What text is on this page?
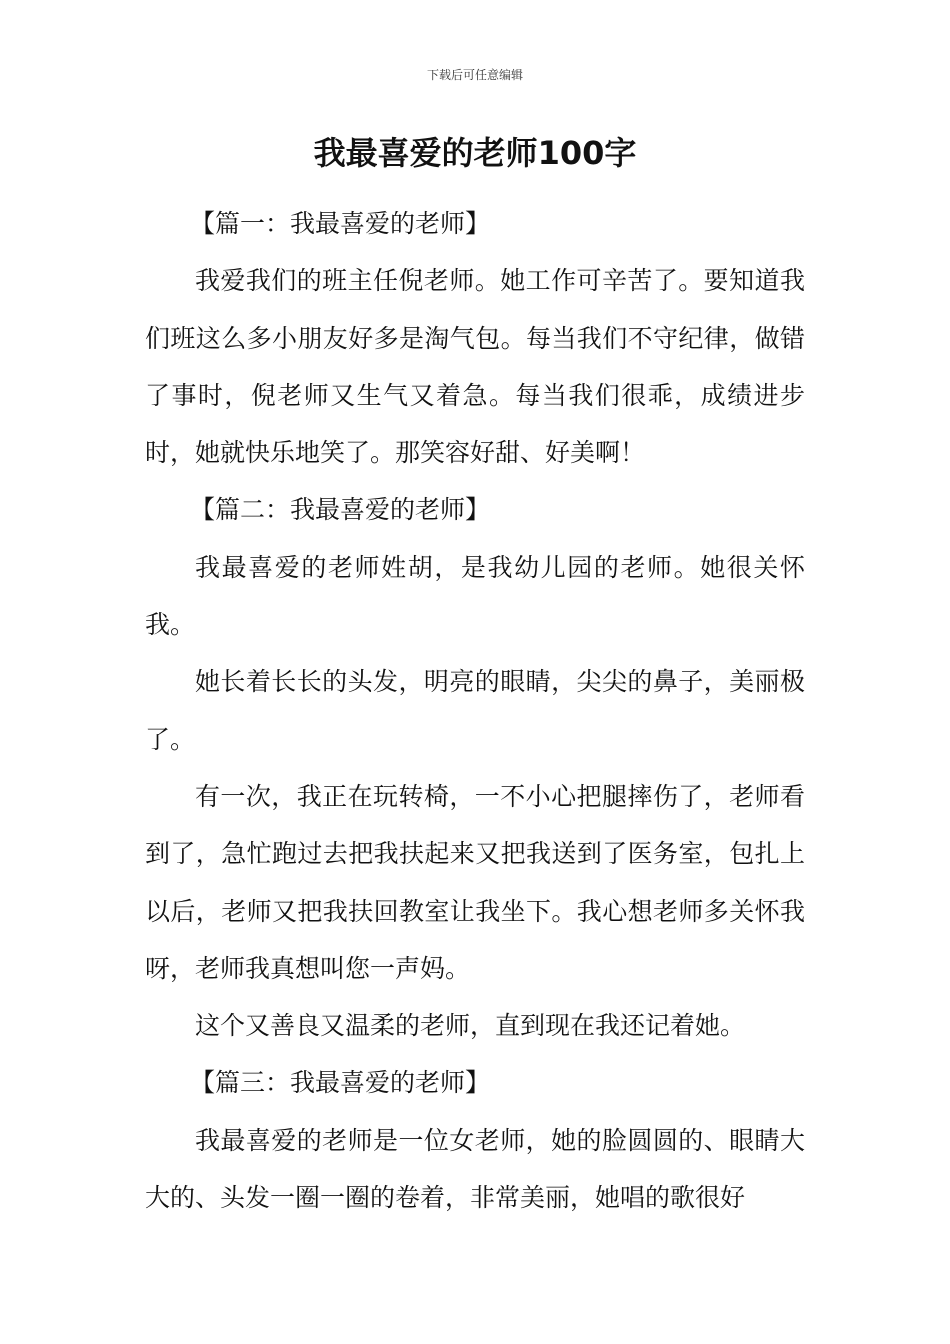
下载后可任意编辑
我最喜爱的老师100字

【篇一：我最喜爱的老师】

我爱我们的班主任倪老师。她工作可辛苦了。要知道我们班这么多小朋友好多是淘气包。每当我们不守纪律，做错了事时，倪老师又生气又着急。每当我们很乖，成绩进步时，她就快乐地笑了。那笑容好甜、好美啊！

【篇二：我最喜爱的老师】

我最喜爱的老师姓胡，是我幼儿园的老师。她很关怀我。

她长着长长的头发，明亮的眼睛，尖尖的鼻子，美丽极了。

有一次，我正在玩转椅，一不小心把腿摔伤了，老师看到了，急忙跑过去把我扶起来又把我送到了医务室，包扎上以后，老师又把我扶回教室让我坐下。我心想老师多关怀我呀，老师我真想叫您一声妈。

这个又善良又温柔的老师，直到现在我还记着她。

【篇三：我最喜爱的老师】

我最喜爱的老师是一位女老师，她的脸圆圆的、眼睛大大的、头发一圈一圈的卷着，非常美丽，她唱的歌很好
